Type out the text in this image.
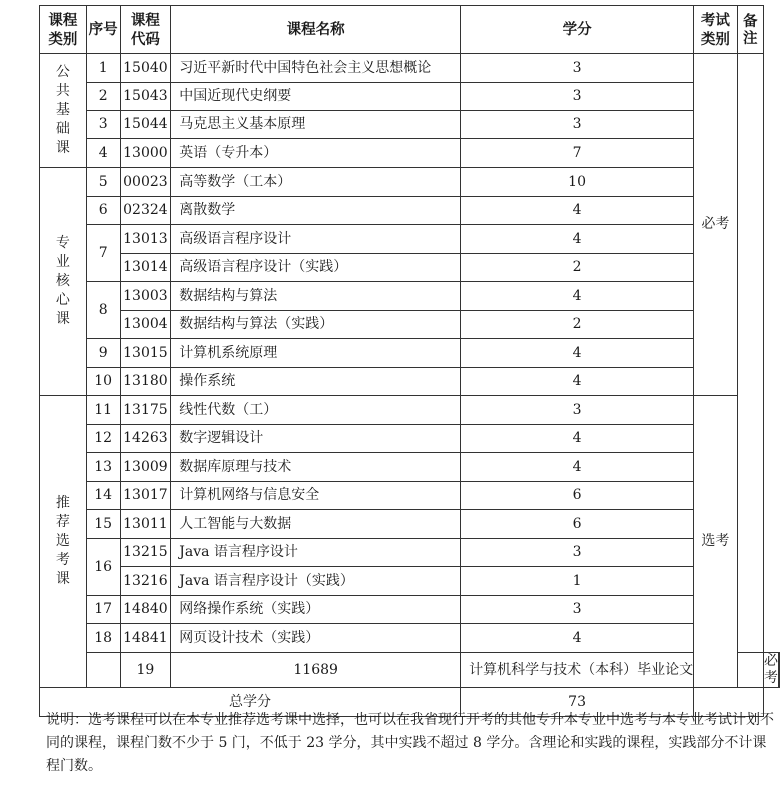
课程类别	序号	课程代码	课程名称	学分	考试类别	备注		
公共基础课	1	15040	习近平新时代中国特色社会主义思想概论	3	必考			
	2	15043	中国近现代史纲要	3				
	3	15044	马克思主义基本原理	3				
	4	13000	英语（专升本）	7				
专业核心课	5	00023	高等数学（工本）	10				
	6	02324	离散数学	4				
	7	13013	高级语言程序设计	4				
		13014	高级语言程序设计（实践）	2				
	8	13003	数据结构与算法	4				
		13004	数据结构与算法（实践）	2				
	9	13015	计算机系统原理	4				
	10	13180	操作系统	4				
推荐选考课	11	13175	线性代数（工）	3	选考			
	12	14263	数字逻辑设计	4				
	13	13009	数据库原理与技术	4				
	14	13017	计算机网络与信息安全	6				
	15	13011	人工智能与大数据	6				
	16	13215	Java 语言程序设计	3				
		13216	Java 语言程序设计（实践）	1				
	17	14840	网络操作系统（实践）	3				
	18	14841	网页设计技术（实践）	4				
		19	11689	计算机科学与技术（本科）毕业论文			必考	
总学分				73				

说明：选考课程可以在本专业推荐选考课中选择，也可以在我省现行开考的其他专升本专业中选考与本专业考试计划不同的课程，课程门数不少于 5 门，不低于 23 学分，其中实践不超过 8 学分。含理论和实践的课程，实践部分不计课程门数。
